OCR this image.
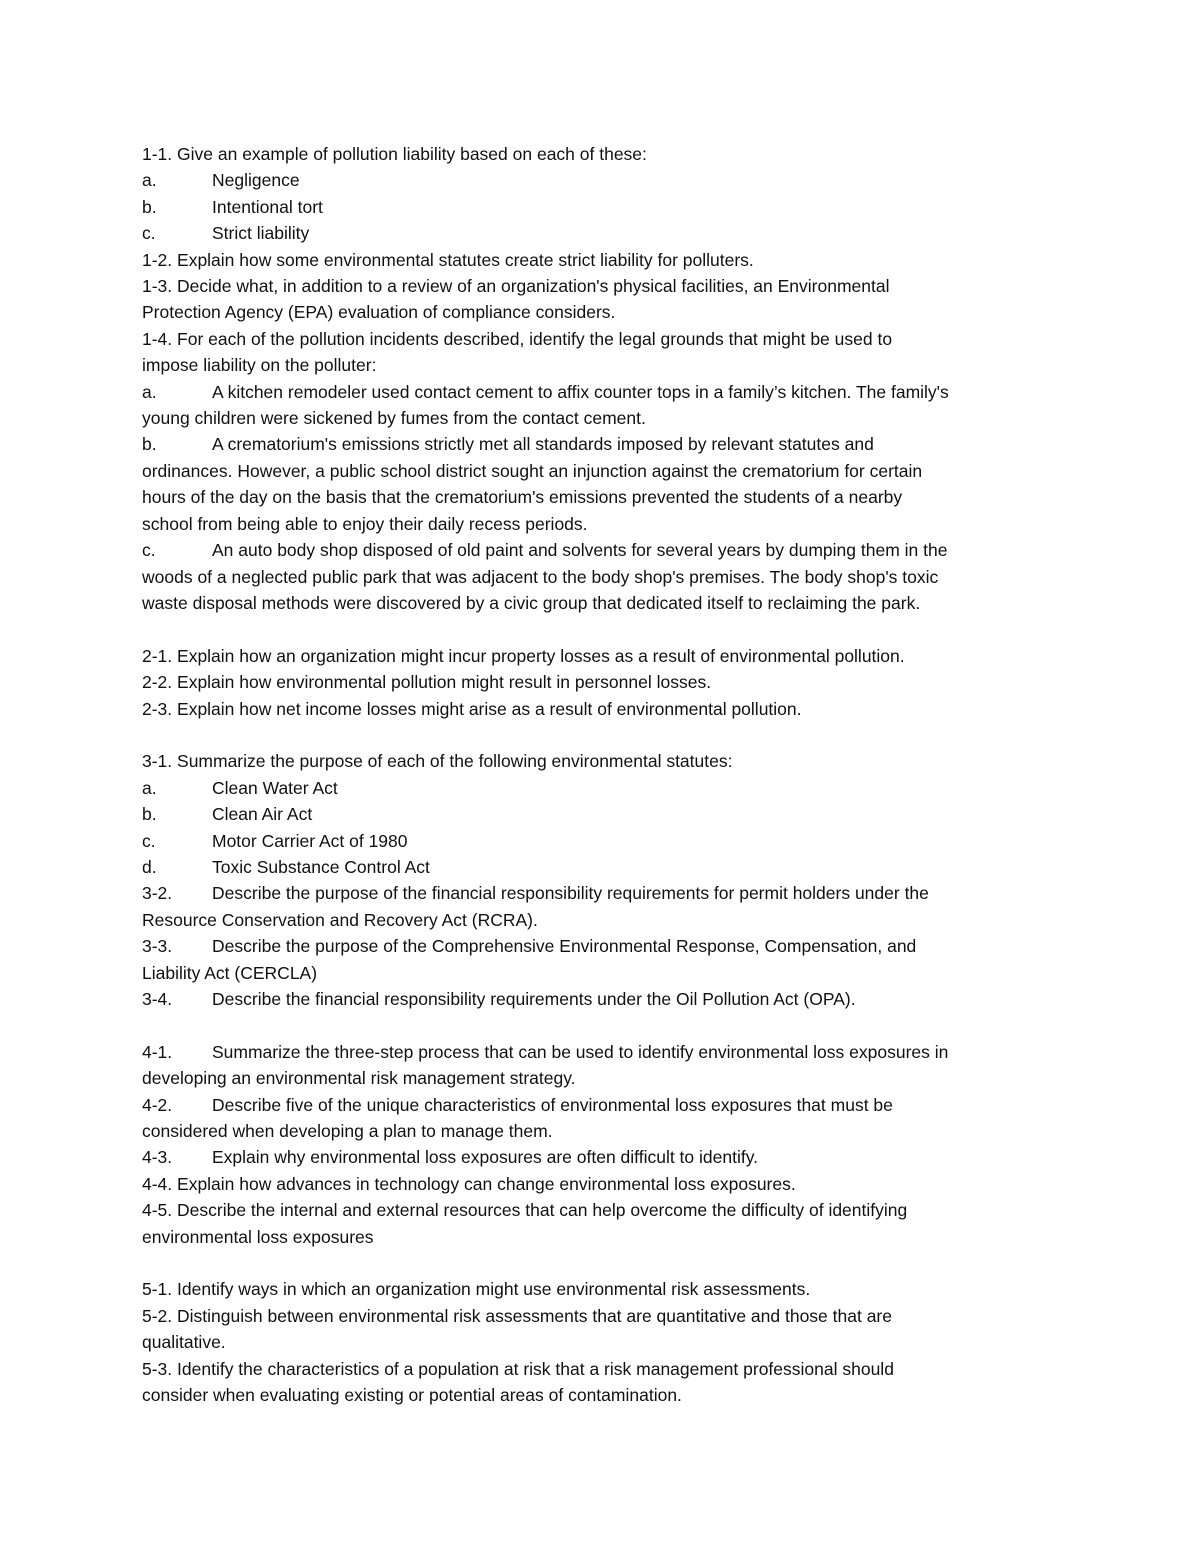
1-1. Give an example of pollution liability based on each of these:
a.	Negligence
b.	Intentional tort
c.	Strict liability
1-2. Explain how some environmental statutes create strict liability for polluters.
1-3. Decide what, in addition to a review of an organization's physical facilities, an Environmental
Protection Agency (EPA) evaluation of compliance considers.
1-4. For each of the pollution incidents described, identify the legal grounds that might be used to
impose liability on the polluter:
a.	A kitchen remodeler used contact cement to affix counter tops in a family’s kitchen. The family's
young children were sickened by fumes from the contact cement.
b.	A crematorium's emissions strictly met all standards imposed by relevant statutes and
ordinances. However, a public school district sought an injunction against the crematorium for certain
hours of the day on the basis that the crematorium's emissions prevented the students of a nearby
school from being able to enjoy their daily recess periods.
c.	An auto body shop disposed of old paint and solvents for several years by dumping them in the
woods of a neglected public park that was adjacent to the body shop's premises. The body shop's toxic
waste disposal methods were discovered by a civic group that dedicated itself to reclaiming the park.
2-1. Explain how an organization might incur property losses as a result of environmental pollution.
2-2. Explain how environmental pollution might result in personnel losses.
2-3. Explain how net income losses might arise as a result of environmental pollution.
3-1. Summarize the purpose of each of the following environmental statutes:
a.	Clean Water Act
b.	Clean Air Act
c.	Motor Carrier Act of 1980
d.	Toxic Substance Control Act
3-2.	Describe the purpose of the financial responsibility requirements for permit holders under the
Resource Conservation and Recovery Act (RCRA).
3-3.	Describe the purpose of the Comprehensive Environmental Response, Compensation, and
Liability Act (CERCLA)
3-4.	Describe the financial responsibility requirements under the Oil Pollution Act (OPA).
4-1.	Summarize the three-step process that can be used to identify environmental loss exposures in
developing an environmental risk management strategy.
4-2.	Describe five of the unique characteristics of environmental loss exposures that must be
considered when developing a plan to manage them.
4-3.	Explain why environmental loss exposures are often difficult to identify.
4-4. Explain how advances in technology can change environmental loss exposures.
4-5. Describe the internal and external resources that can help overcome the difficulty of identifying
environmental loss exposures
5-1. Identify ways in which an organization might use environmental risk assessments.
5-2. Distinguish between environmental risk assessments that are quantitative and those that are
qualitative.
5-3. Identify the characteristics of a population at risk that a risk management professional should
consider when evaluating existing or potential areas of contamination.
